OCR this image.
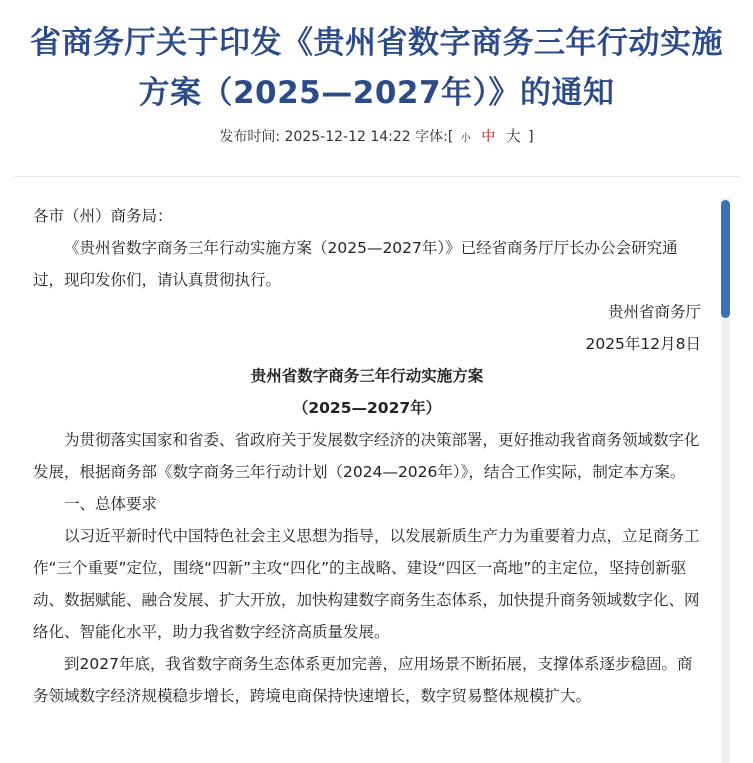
省商务厅关于印发《贵州省数字商务三年行动实施
方案（2025—2027年）》的通知
发布时间: 2025-12-12 14:22 字体:[ 小 中 大 ]

各市（州）商务局：

《贵州省数字商务三年行动实施方案（2025—2027年）》已经省商务厅厅长办公会研究通过，现印发你们，请认真贯彻执行。

贵州省商务厅

2025年12月8日

贵州省数字商务三年行动实施方案

（2025—2027年）

为贯彻落实国家和省委、省政府关于发展数字经济的决策部署，更好推动我省商务领域数字化发展，根据商务部《数字商务三年行动计划（2024—2026年）》，结合工作实际，制定本方案。

一、总体要求

以习近平新时代中国特色社会主义思想为指导，以发展新质生产力为重要着力点，立足商务工作“三个重要”定位，围绕“四新”主攻“四化”的主战略、建设“四区一高地”的主定位，坚持创新驱动、数据赋能、融合发展、扩大开放，加快构建数字商务生态体系，加快提升商务领域数字化、网络化、智能化水平，助力我省数字经济高质量发展。

到2027年底，我省数字商务生态体系更加完善，应用场景不断拓展，支撑体系逐步稳固。商务领域数字经济规模稳步增长，跨境电商保持快速增长，数字贸易整体规模扩大。
